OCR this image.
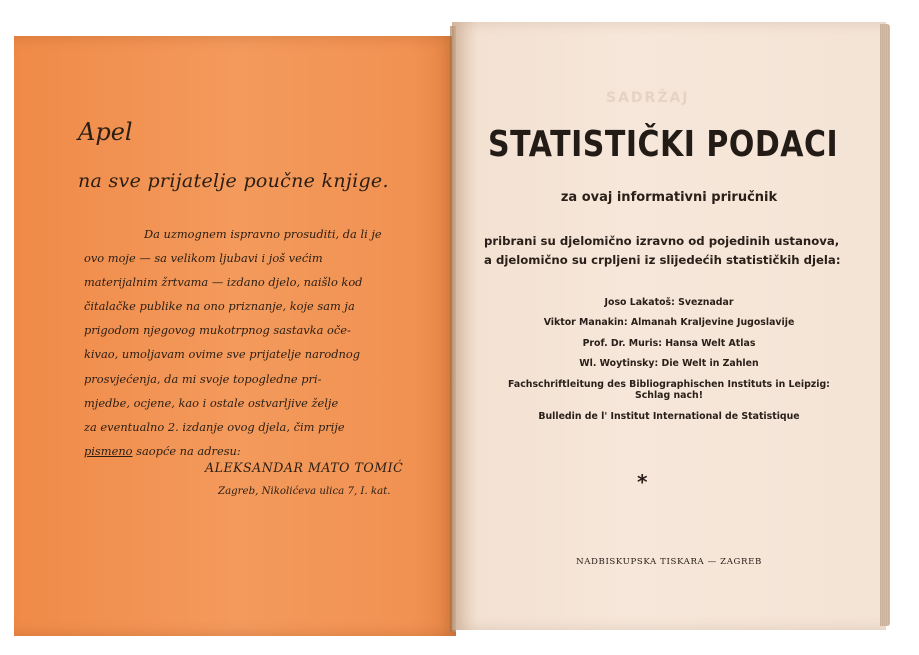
Apel
na sve prijatelje poučne knjige.
Da uzmognem ispravno prosuditi, da li je
ovo moje — sa velikom ljubavi i još većim
materijalnim žrtvama — izdano djelo, naišlo kod
čitalačke publike na ono priznanje, koje sam ja
prigodom njegovog mukotrpnog sastavka oče-
kivao, umoljavam ovime sve prijatelje narodnog
prosvjećenja, da mi svoje topogledne pri-
mjedbe, ocjene, kao i ostale ostvarljive želje
za eventualno 2. izdanje ovog djela, čim prije
pismeno saopće na adresu:
ALEKSANDAR MATO TOMIĆ
Zagreb, Nikolićeva ulica 7, I. kat.
SADRŽAJ
STATISTIČKI PODACI
za ovaj informativni priručnik
pribrani su djelomično izravno od pojedinih ustanova,
a djelomično su crpljeni iz slijedećih statističkih djela:
Joso Lakatoš: Sveznadar
Viktor Manakin: Almanah Kraljevine Jugoslavije
Prof. Dr. Muris: Hansa Welt Atlas
Wl. Woytinsky: Die Welt in Zahlen
Fachschriftleitung des Bibliographischen Instituts in Leipzig:
Schlag nach!
Bulledin de l' Institut International de Statistique
*
NADBISKUPSKA TISKARA — ZAGREB
